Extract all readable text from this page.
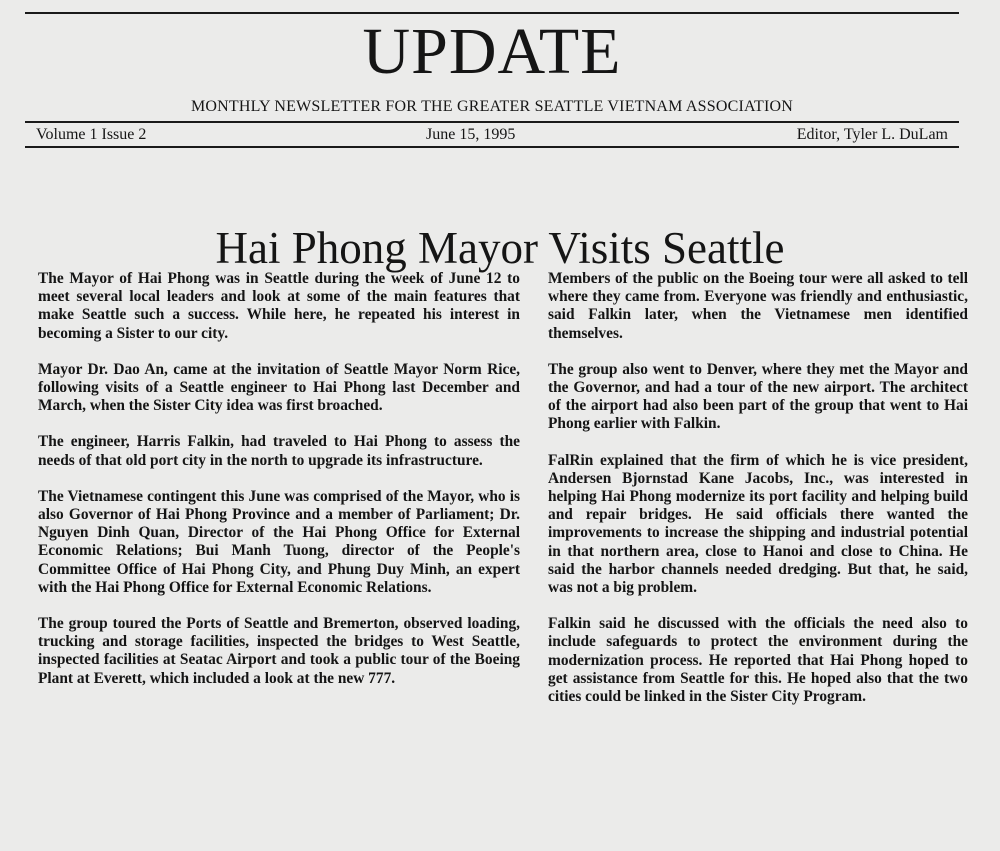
UPDATE
MONTHLY NEWSLETTER FOR THE GREATER SEATTLE VIETNAM ASSOCIATION
Volume 1 Issue 2	June 15, 1995	Editor, Tyler L. DuLam
Hai Phong Mayor Visits Seattle

The Mayor of Hai Phong was in Seattle during the week of June 12 to meet several local leaders and look at some of the main features that make Seattle such a success. While here, he repeated his interest in becoming a Sister to our city.

Mayor Dr. Dao An, came at the invitation of Seattle Mayor Norm Rice, following visits of a Seattle engineer to Hai Phong last December and March, when the Sister City idea was first broached.

The engineer, Harris Falkin, had traveled to Hai Phong to assess the needs of that old port city in the north to upgrade its infrastructure.

The Vietnamese contingent this June was comprised of the Mayor, who is also Governor of Hai Phong Province and a member of Parliament; Dr. Nguyen Dinh Quan, Director of the Hai Phong Office for External Economic Relations; Bui Manh Tuong, director of the People's Committee Office of Hai Phong City, and Phung Duy Minh, an expert with the Hai Phong Office for External Economic Relations.

The group toured the Ports of Seattle and Bremerton, observed loading, trucking and storage facilities, inspected the bridges to West Seattle, inspected facilities at Seatac Airport and took a public tour of the Boeing Plant at Everett, which included a look at the new 777.

Members of the public on the Boeing tour were all asked to tell where they came from. Everyone was friendly and enthusiastic, said Falkin later, when the Vietnamese men identified themselves.

The group also went to Denver, where they met the Mayor and the Governor, and had a tour of the new airport. The architect of the airport had also been part of the group that went to Hai Phong earlier with Falkin.

FalRin explained that the firm of which he is vice president, Andersen Bjornstad Kane Jacobs, Inc., was interested in helping Hai Phong modernize its port facility and helping build and repair bridges. He said officials there wanted the improvements to increase the shipping and industrial potential in that northern area, close to Hanoi and close to China. He said the harbor channels needed dredging. But that, he said, was not a big problem.

Falkin said he discussed with the officials the need also to include safeguards to protect the environment during the modernization process. He reported that Hai Phong hoped to get assistance from Seattle for this. He hoped also that the two cities could be linked in the Sister City Program.
